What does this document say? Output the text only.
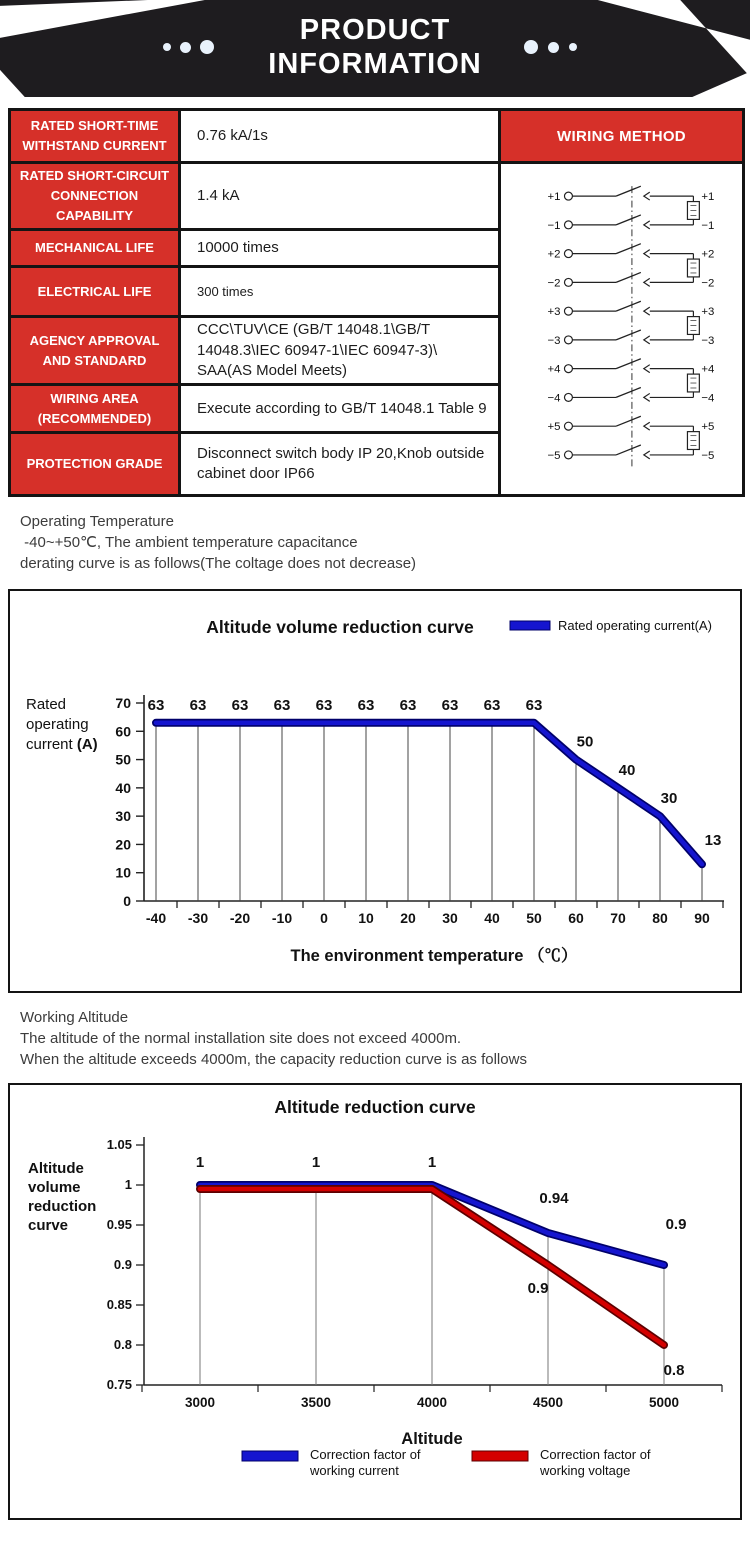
PRODUCT
INFORMATION
RATED SHORT-TIME WITHSTAND CURRENT	0.76 kA/1s	WIRING METHOD
RATED SHORT-CIRCUIT CONNECTION CAPABILITY	1.4 kA	+1	+1
−1	−1
+2	+2
−2	−2
+3	+3
−3	−3
+4	+4
−4	−4
+5	+5
−5	−5

MECHANICAL LIFE	10000 times	
ELECTRICAL LIFE	300 times	
AGENCY APPROVAL AND STANDARD	CCC\TUV\CE (GB/T 14048.1\GB/T 14048.3\IEC 60947-1\IEC 60947-3)\ SAA(AS Model Meets)	
WIRING AREA (RECOMMENDED)	Execute according to GB/T 14048.1 Table 9	
PROTECTION GRADE	Disconnect switch body IP 20,Knob outside cabinet door IP66	
Operating Temperature
-40~+50℃, The ambient temperature capacitance
derating curve is as follows(The coltage does not decrease)
Altitude volume reduction curve	Rated operating current(A)
Rated
operating
current (A)
0
10
20
30
40
50
60
70
-40 -30 -20 -10 0 10 20 30 40 50 60 70 80 90
63 63 63 63 63 63 63 63 63 63
50
40
30
13
The environment temperature （℃）
Working Altitude
The altitude of the normal installation site does not exceed 4000m.
When the altitude exceeds 4000m, the capacity reduction curve is as follows
Altitude reduction curve
Altitude
volume
reduction
curve
1.05
1
0.95
0.9
0.85
0.8
0.75
3000	3500	4000	4500	5000
1	1	1
0.94
0.9
0.9
0.8
Altitude
Correction factor of
working current
Correction factor of
working voltage
